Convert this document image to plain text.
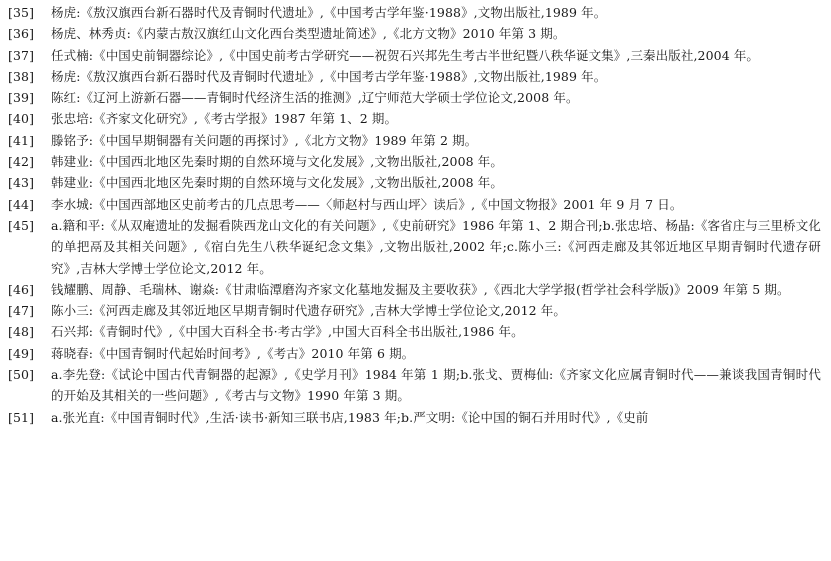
[35]	杨虎:《敖汉旗西台新石器时代及青铜时代遗址》,《中国考古学年鉴·1988》,文物出版社,1989 年。
[36]	杨虎、林秀贞:《内蒙古敖汉旗红山文化西台类型遗址简述》,《北方文物》2010 年第 3 期。
[37]	任式楠:《中国史前铜器综论》,《中国史前考古学研究——祝贺石兴邦先生考古半世纪暨八秩华诞文集》,三秦出版社,2004 年。
[38]	杨虎:《敖汉旗西台新石器时代及青铜时代遗址》,《中国考古学年鉴·1988》,文物出版社,1989 年。
[39]	陈红:《辽河上游新石器——青铜时代经济生活的推测》,辽宁师范大学硕士学位论文,2008 年。
[40]	张忠培:《齐家文化研究》,《考古学报》1987 年第 1、2 期。
[41]	滕铭予:《中国早期铜器有关问题的再探讨》,《北方文物》1989 年第 2 期。
[42]	韩建业:《中国西北地区先秦时期的自然环境与文化发展》,文物出版社,2008 年。
[43]	韩建业:《中国西北地区先秦时期的自然环境与文化发展》,文物出版社,2008 年。
[44]	李水城:《中国西部地区史前考古的几点思考——〈师赵村与西山坪〉读后》,《中国文物报》2001 年 9 月 7 日。
[45]	a.籍和平:《从双庵遗址的发掘看陕西龙山文化的有关问题》,《史前研究》1986 年第 1、2 期合刊;b.张忠培、杨晶:《客省庄与三里桥文化的单把鬲及其相关问题》,《宿白先生八秩华诞纪念文集》,文物出版社,2002 年;c.陈小三:《河西走廊及其邻近地区早期青铜时代遗存研究》,吉林大学博士学位论文,2012 年。
[46]	钱耀鹏、周静、毛瑞林、谢焱:《甘肃临潭磨沟齐家文化墓地发掘及主要收获》,《西北大学学报(哲学社会科学版)》2009 年第 5 期。
[47]	陈小三:《河西走廊及其邻近地区早期青铜时代遗存研究》,吉林大学博士学位论文,2012 年。
[48]	石兴邦:《青铜时代》,《中国大百科全书·考古学》,中国大百科全书出版社,1986 年。
[49]	蒋晓春:《中国青铜时代起始时间考》,《考古》2010 年第 6 期。
[50]	a.李先登:《试论中国古代青铜器的起源》,《史学月刊》1984 年第 1 期;b.张戈、贾梅仙:《齐家文化应属青铜时代——兼谈我国青铜时代的开始及其相关的一些问题》,《考古与文物》1990 年第 3 期。
[51]	a.张光直:《中国青铜时代》,生活·读书·新知三联书店,1983 年;b.严文明:《论中国的铜石并用时代》,《史前
